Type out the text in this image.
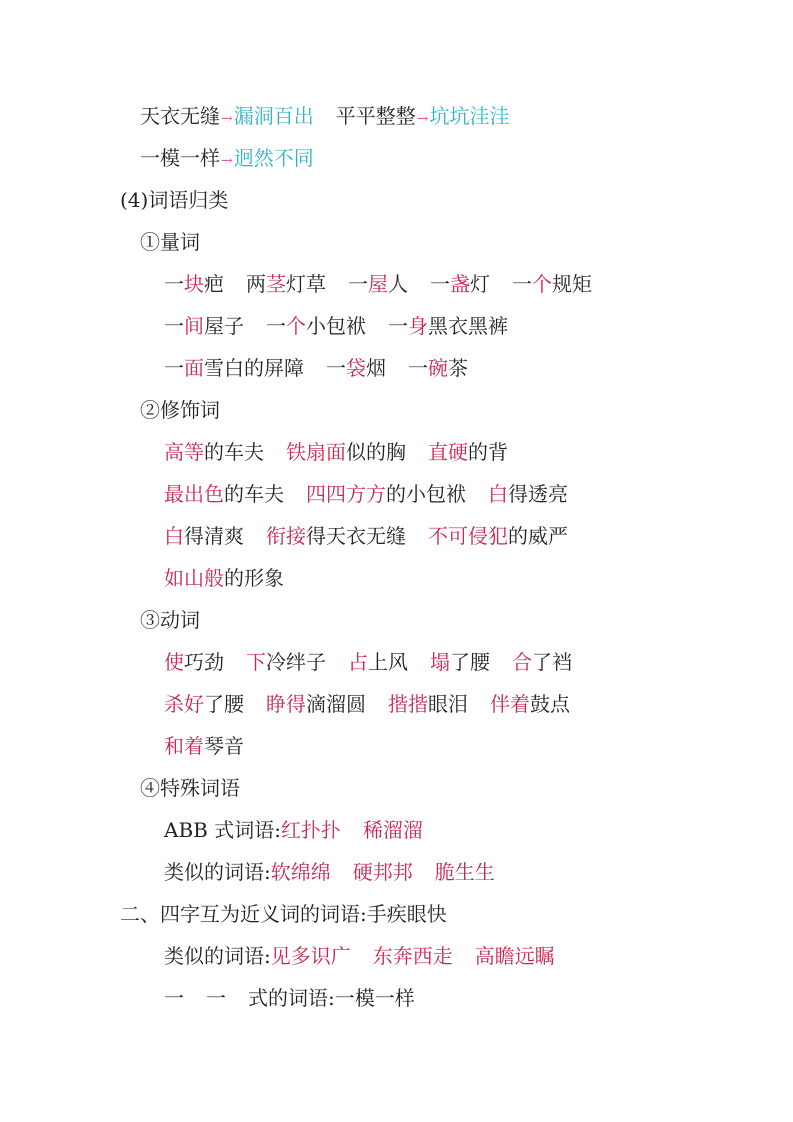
天衣无缝→漏洞百出 平平整整→坑坑洼洼
一模一样→迥然不同
(4)词语归类
①量词
一块疤 两茎灯草 一屋人 一盏灯 一个规矩
一间屋子 一个小包袱 一身黑衣黑裤
一面雪白的屏障 一袋烟 一碗茶
②修饰词
高等的车夫 铁扇面似的胸 直硬的背
最出色的车夫 四四方方的小包袱 白得透亮
白得清爽 衔接得天衣无缝 不可侵犯的威严
如山般的形象
③动词
使巧劲 下冷绊子 占上风 塌了腰 合了裆
杀好了腰 睁得滴溜圆 揩揩眼泪 伴着鼓点
和着琴音
④特殊词语
ABB 式词语:红扑扑 稀溜溜
类似的词语:软绵绵 硬邦邦 脆生生
二、四字互为近义词的词语:手疾眼快
类似的词语:见多识广 东奔西走 高瞻远瞩
一 一 式的词语:一模一样
